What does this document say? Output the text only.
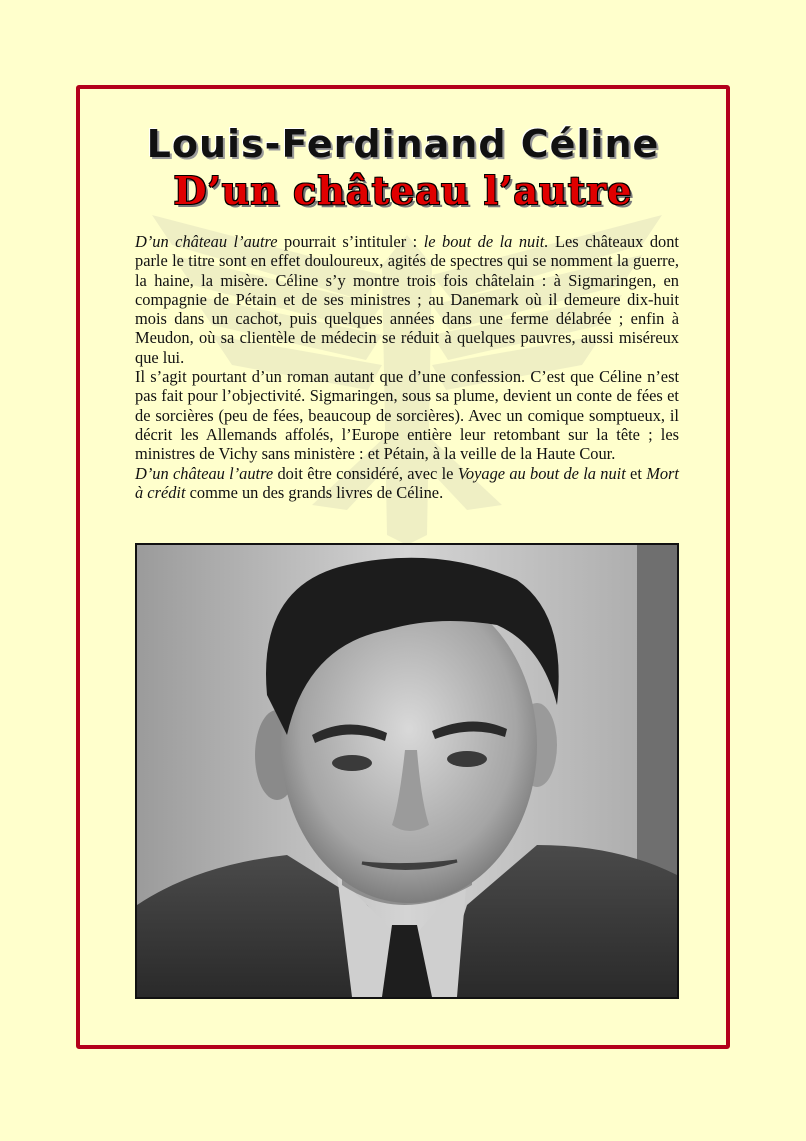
Louis-Ferdinand Céline
D’un château l’autre

D’un château l’autre pourrait s’intituler : le bout de la nuit. Les châteaux dont parle le titre sont en effet douloureux, agités de spectres qui se nomment la guerre, la haine, la misère. Céline s’y montre trois fois châtelain : à Sigmaringen, en compagnie de Pétain et de ses ministres ; au Danemark où il demeure dix-huit mois dans un cachot, puis quelques années dans une ferme délabrée ; enfin à Meudon, où sa clientèle de médecin se réduit à quelques pauvres, aussi miséreux que lui.

Il s’agit pourtant d’un roman autant que d’une confession. C’est que Céline n’est pas fait pour l’objectivité. Sigmaringen, sous sa plume, devient un conte de fées et de sorcières (peu de fées, beaucoup de sorcières). Avec un comique somptueux, il décrit les Allemands affolés, l’Europe entière leur retombant sur la tête ; les ministres de Vichy sans ministère : et Pétain, à la veille de la Haute Cour.

D’un château l’autre doit être considéré, avec le Voyage au bout de la nuit et Mort à crédit comme un des grands livres de Céline.
